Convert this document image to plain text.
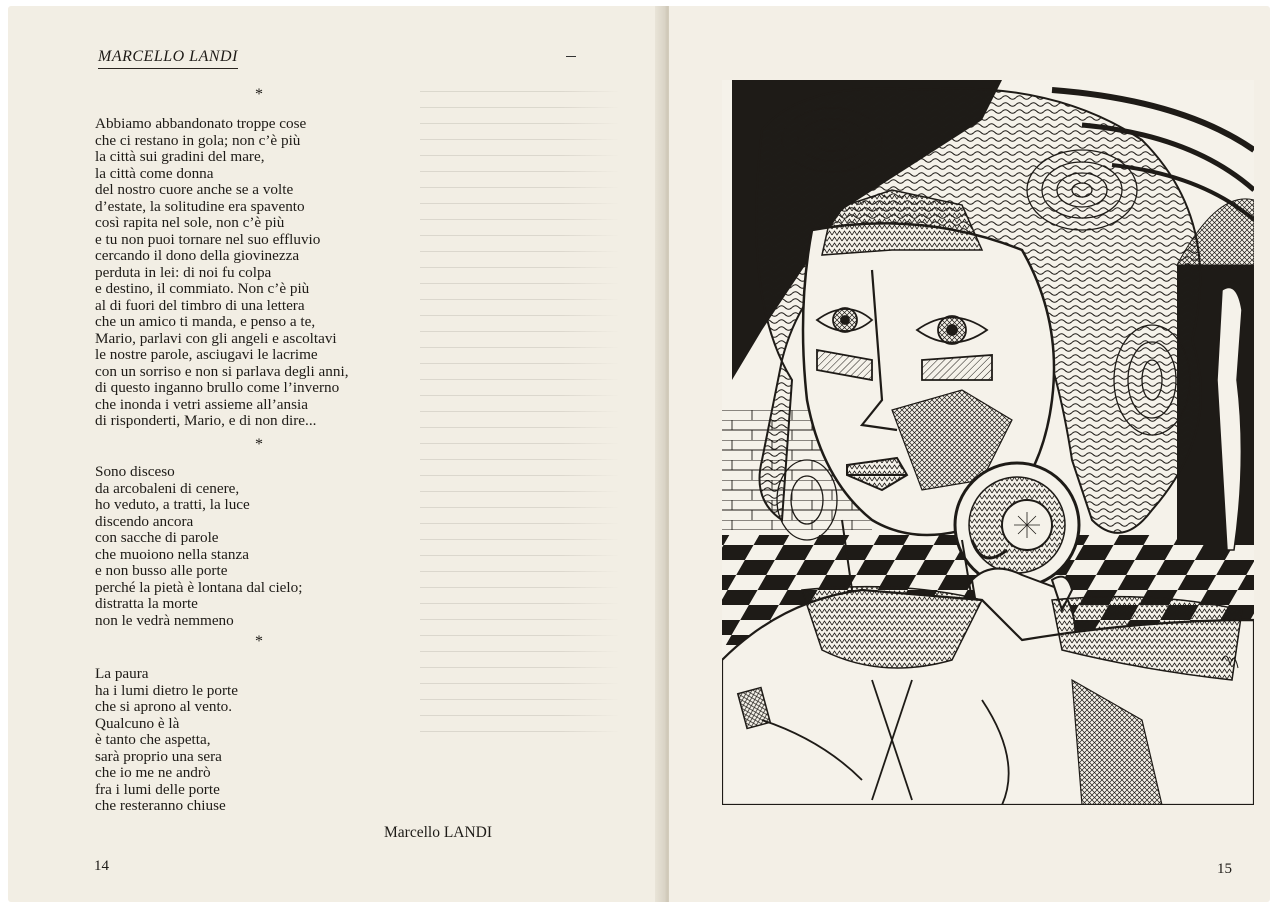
MARCELLO LANDI
*
Abbiamo abbandonato troppe cose
che ci restano in gola; non c’è più
la città sui gradini del mare,
la città come donna
del nostro cuore anche se a volte
d’estate, la solitudine era spavento
così rapita nel sole, non c’è più
e tu non puoi tornare nel suo effluvio
cercando il dono della giovinezza
perduta in lei: di noi fu colpa
e destino, il commiato. Non c’è più
al di fuori del timbro di una lettera
che un amico ti manda, e penso a te,
Mario, parlavi con gli angeli e ascoltavi
le nostre parole, asciugavi le lacrime
con un sorriso e non si parlava degli anni,
di questo inganno brullo come l’inverno
che inonda i vetri assieme all’ansia
di risponderti, Mario, e di non dire...
*
Sono disceso
da arcobaleni di cenere,
ho veduto, a tratti, la luce
discendo ancora
con sacche di parole
che muoiono nella stanza
e non busso alle porte
perché la pietà è lontana dal cielo;
distratta la morte
non le vedrà nemmeno
*
La paura
ha i lumi dietro le porte
che si aprono al vento.
Qualcuno è là
è tanto che aspetta,
sarà proprio una sera
che io me ne andrò
fra i lumi delle porte
che resteranno chiuse
Marcello LANDI
14	15
